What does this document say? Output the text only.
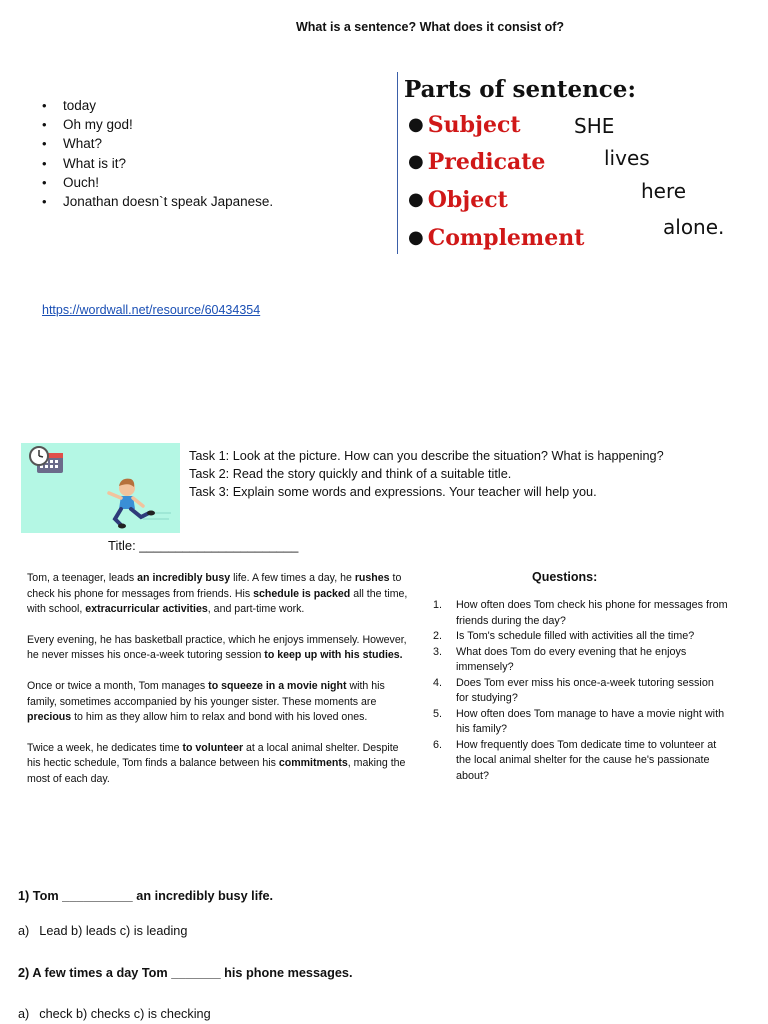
What is a sentence? What does it consist of?
• today
• Oh my god!
• What?
• What is it?
• Ouch!
• Jonathan doesn`t speak Japanese.
Parts of sentence:
● Subject	SHE
● Predicate	lives
● Object	here
● Complement	alone.
https://wordwall.net/resource/60434354
Task 1: Look at the picture. How can you describe the situation? What is happening?
Task 2: Read the story quickly and think of a suitable title.
Task 3: Explain some words and expressions. Your teacher will help you.
Title: ______________________

Tom, a teenager, leads an incredibly busy life. A few times a day, he rushes to check his phone for messages from friends. His schedule is packed all the time, with school, extracurricular activities, and part-time work.

Every evening, he has basketball practice, which he enjoys immensely. However, he never misses his once-a-week tutoring session to keep up with his studies.

Once or twice a month, Tom manages to squeeze in a movie night with his family, sometimes accompanied by his younger sister. These moments are precious to him as they allow him to relax and bond with his loved ones.

Twice a week, he dedicates time to volunteer at a local animal shelter. Despite his hectic schedule, Tom finds a balance between his commitments, making the most of each day.

Questions:
1. How often does Tom check his phone for messages from friends during the day?
2. Is Tom's schedule filled with activities all the time?
3. What does Tom do every evening that he enjoys immensely?
4. Does Tom ever miss his once-a-week tutoring session for studying?
5. How often does Tom manage to have a movie night with his family?
6. How frequently does Tom dedicate time to volunteer at the local animal shelter for the cause he's passionate about?
1) Tom __________ an incredibly busy life.
a) Lead b) leads c) is leading
2) A few times a day Tom _______ his phone messages.
a) check b) checks c) is checking
